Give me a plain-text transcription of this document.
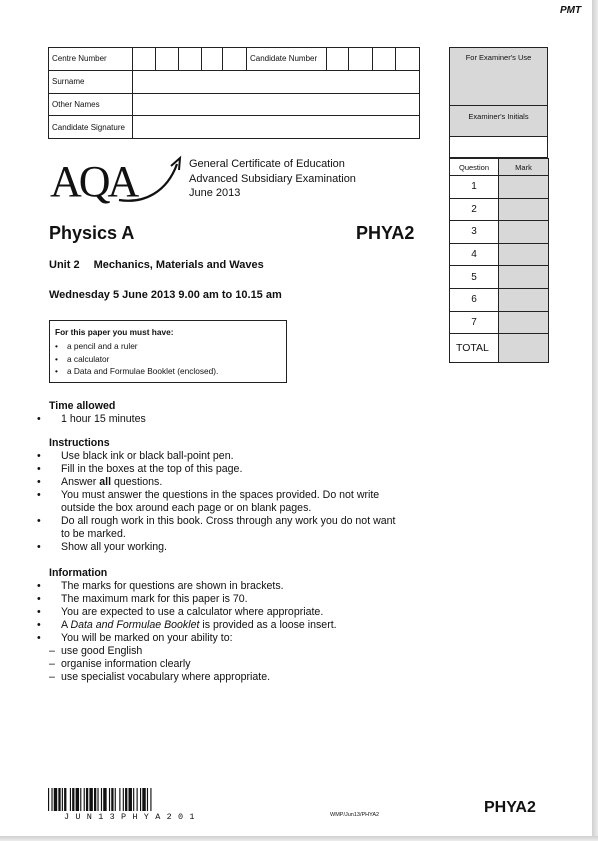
PMT
Centre Number						Candidate Number				
Surname										
Other Names										
Candidate Signature										
For Examiner's Use
Examiner's Initials
Question	Mark
1	
2	
3	
4	
5	
6	
7	
TOTAL	
AQA	General Certificate of Education
Advanced Subsidiary Examination
June 2013
Physics A	PHYA2
Unit 2 Mechanics, Materials and Waves
Wednesday 5 June 2013 9.00 am to 10.15 am
For this paper you must have:
• a pencil and a ruler
• a calculator
• a Data and Formulae Booklet (enclosed).
Time allowed
• 1 hour 15 minutes
Instructions
• Use black ink or black ball-point pen.
• Fill in the boxes at the top of this page.
• Answer all questions.
• You must answer the questions in the spaces provided. Do not write outside the box around each page or on blank pages.
• Do all rough work in this book. Cross through any work you do not want to be marked.
• Show all your working.
Information
• The marks for questions are shown in brackets.
• The maximum mark for this paper is 70.
• You are expected to use a calculator where appropriate.
• A Data and Formulae Booklet is provided as a loose insert.
• You will be marked on your ability to:
– use good English
– organise information clearly
– use specialist vocabulary where appropriate.
JUN13PHYA201	WMP/Jun13/PHYA2	PHYA2
